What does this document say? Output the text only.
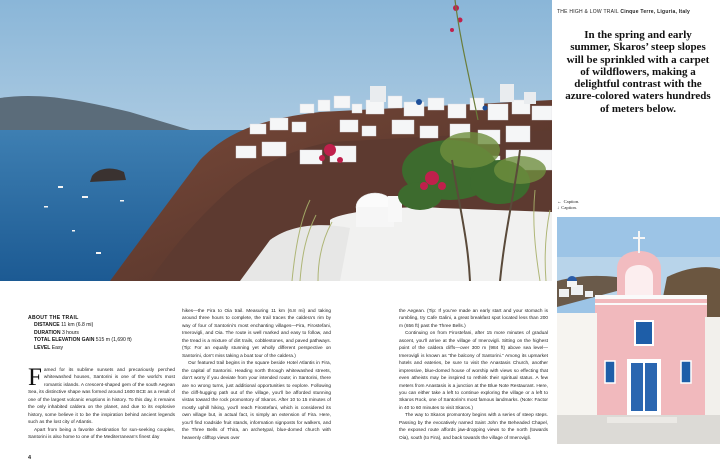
THE HIGH & LOW TRAIL Cinque Terre, Liguria, Italy
In the spring and early summer, Skaros’ steep slopes will be sprinkled with a carpet of wildflowers, making a delightful contrast with the azure-colored waters hundreds of meters below.
← Caption.
↓ Caption.
ABOUT THE TRAIL
DISTANCE 11 km (6.8 mi)
DURATION 3 hours
TOTAL ELEVATION GAIN 515 m (1,690 ft)
LEVEL Easy

Famed for its sublime sunsets and precariously perched whitewashed houses, Santorini is one of the world’s most romantic islands. A crescent-shaped gem of the south Aegean Sea, its distinctive shape was formed around 1600 BCE as a result of one of the largest volcanic eruptions in history. To this day, it remains the only inhabited caldera on the planet, and due to its explosive history, some believe it to be the inspiration behind ancient legends such as the lost city of Atlantis.

Apart from being a favorite destination for sun-seeking couples, Santorini is also home to one of the Mediterranean’s finest day

hikes—the Fira to Oia trail. Measuring 11 km (6.8 mi) and taking around three hours to complete, the trail traces the caldera’s rim by way of four of Santorini’s most enchanting villages—Fira, Firostefani, Imerovigli, and Oia. The route is well marked and easy to follow, and the tread is a mixture of dirt trails, cobblestones, and paved pathways. (Tip: For an equally stunning yet wholly different perspective on Santorini, don’t miss taking a boat tour of the caldera.)

Our featured trail begins in the square beside Hotel Atlantis in Fira, the capital of Santorini. Heading north through whitewashed streets, don’t worry if you deviate from your intended route; in Santorini, there are no wrong turns, just additional opportunities to explore. Following the cliff-hugging path out of the village, you’ll be afforded stunning vistas toward the rock promontory of Skaros. After 10 to 15 minutes of mostly uphill hiking, you’ll reach Firostefani, which is considered its own village but, in actual fact, is simply an extension of Fira. Here, you’ll find roadside fruit stands, information signposts for walkers, and the Three Bells of Thira, an archetypal, blue-domed church with heavenly clifftop views over

the Aegean. (Tip: If you’ve made an early start and your stomach is rumbling, try Cafe Galini, a great breakfast spot located less than 200 m (656 ft) past the Three Bells.)

Continuing on from Firostefani, after 15 more minutes of gradual ascent, you’ll arrive at the village of Imerovigli. Sitting on the highest point of the caldera cliffs—over 300 m (984 ft) above sea level—Imerovigli is known as “the balcony of Santorini.” Among its upmarket hotels and eateries, be sure to visit the Anastasis Church, another impressive, blue-domed house of worship with views so effecting that even atheists may be inspired to rethink their spiritual status. A few meters from Anastasis is a junction at the Blue Note Restaurant. Here, you can either take a left to continue exploring the village or a left to Skaros Rock, one of Santorini’s most famous landmarks. (Note: Factor in 40 to 60 minutes to visit Skaros.)

The way to Skaros promontory begins with a series of steep steps. Passing by the evocatively named Saint John the Beheaded Chapel, the exposed route affords jaw-dropping views to the north (towards Oia), south (to Fira), and back towards the village of Imerovigli.

4
